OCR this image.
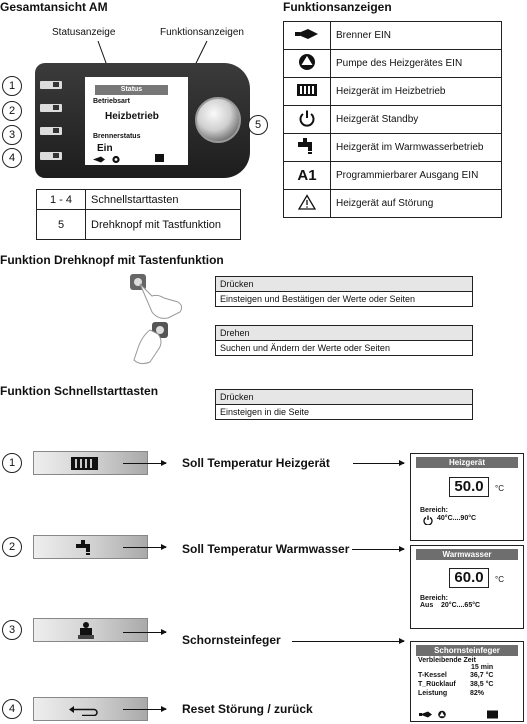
Gesamtansicht AM
Statusanzeige	Funktionsanzeigen
Status
Betriebsart
Heizbetrieb
Brennerstatus
Ein
1
2
3
4
5
1 - 4	Schnellstarttasten
5	Drehknopf mit Tastfunktion
Funktionsanzeigen
	Brenner EIN
	Pumpe des Heizgerätes EIN
	Heizgerät im Heizbetrieb
	Heizgerät Standby
	Heizgerät im Warmwasserbetrieb
A1	Programmierbarer Ausgang EIN
	Heizgerät auf Störung
Funktion Drehknopf mit Tastenfunktion
Drücken
Einsteigen und Bestätigen der Werte oder Seiten
Drehen
Suchen und Ändern der Werte oder Seiten
Funktion Schnellstarttasten	Drücken
Einsteigen in die Seite
1	Soll Temperatur Heizgerät	Heizgerät
50.0	°C
Bereich:
40°C....90°C
2	Soll Temperatur Warmwasser	Warmwasser
60.0	°C
Bereich:
Aus 20°C....65°C
3
Schornsteinfeger
Schornsteinfeger
Verbleibende Zeit
15 min
T-Kessel	36,7 °C
T_Rücklauf 38,5 °C
Leistung	82%
4	Reset Störung / zurück
